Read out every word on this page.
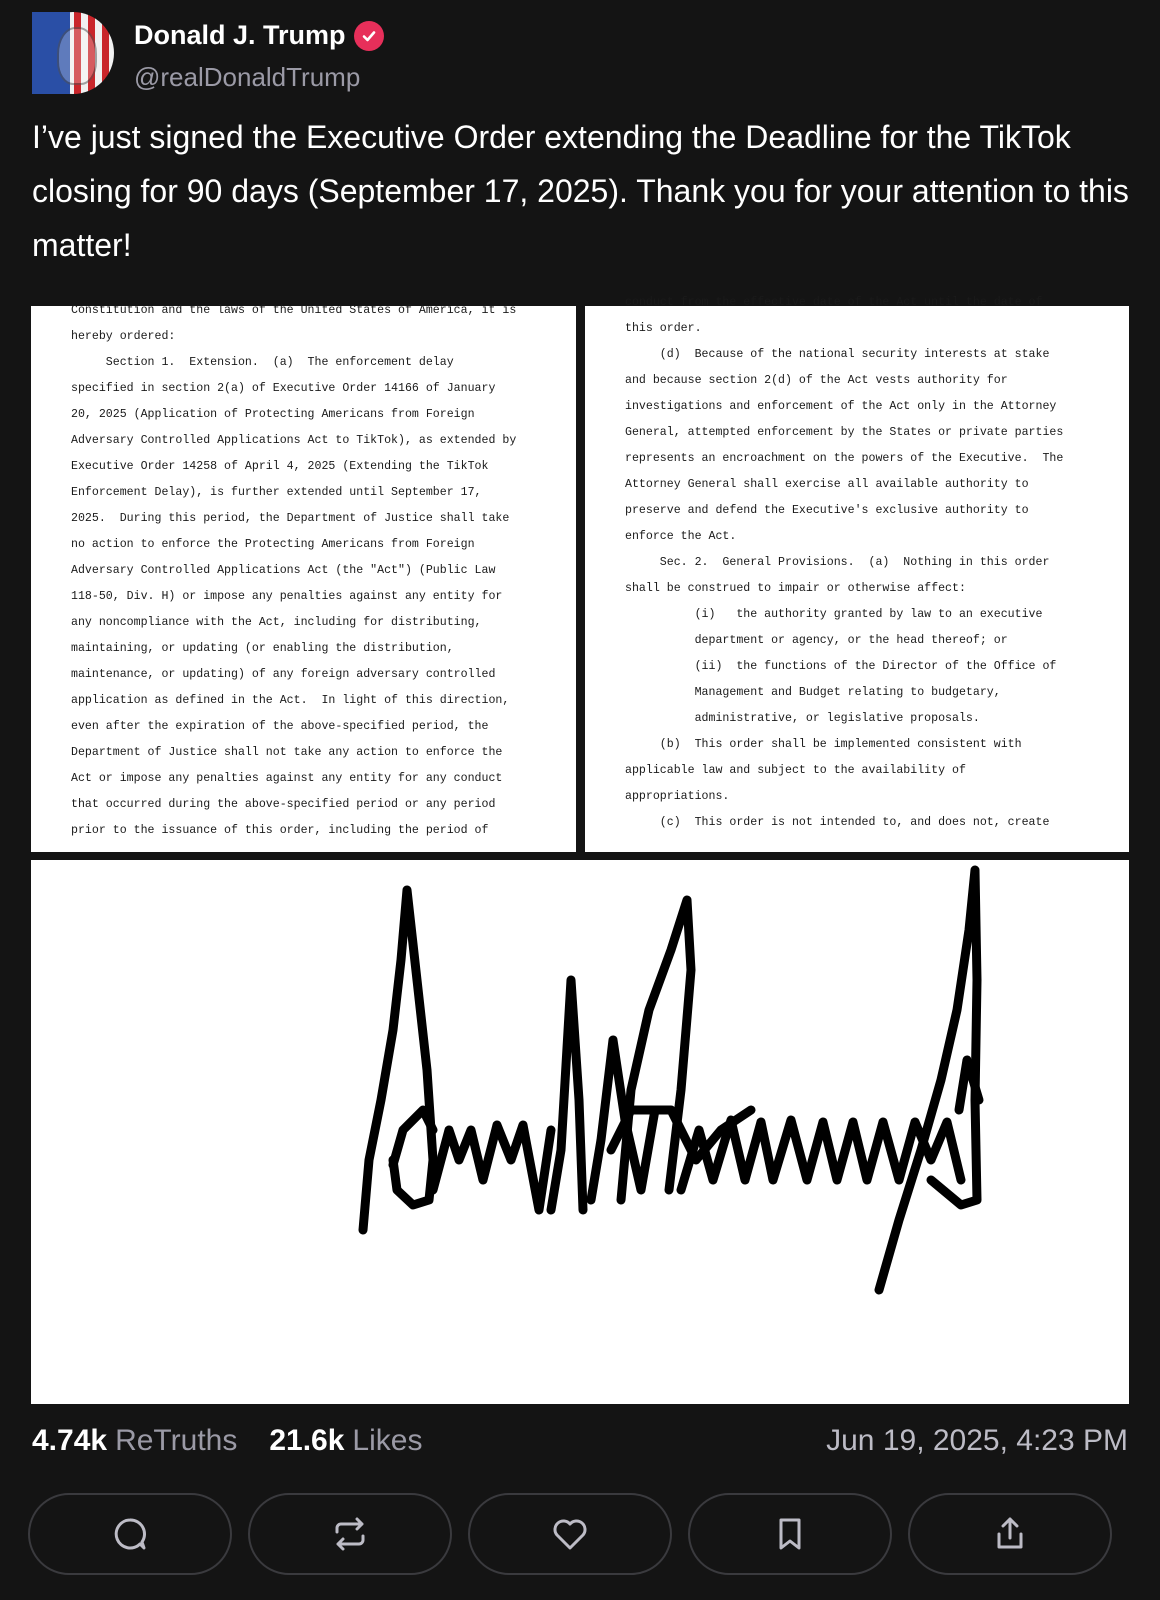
Donald J. Trump
@realDonaldTrump
I’ve just signed the Executive Order extending the Deadline for the TikTok closing for 90 days (September 17, 2025). Thank you for your attention to this matter!
Constitution and the laws of the United States of America, it is
hereby ordered:
Section 1.  Extension.  (a)  The enforcement delay
specified in section 2(a) of Executive Order 14166 of January
20, 2025 (Application of Protecting Americans from Foreign
Adversary Controlled Applications Act to TikTok), as extended by
Executive Order 14258 of April 4, 2025 (Extending the TikTok
Enforcement Delay), is further extended until September 17,
2025.  During this period, the Department of Justice shall take
no action to enforce the Protecting Americans from Foreign
Adversary Controlled Applications Act (the "Act") (Public Law
118-50, Div. H) or impose any penalties against any entity for
any noncompliance with the Act, including for distributing,
maintaining, or updating (or enabling the distribution,
maintenance, or updating) of any foreign adversary controlled
application as defined in the Act.  In light of this direction,
even after the expiration of the above-specified period, the
Department of Justice shall not take any action to enforce the
Act or impose any penalties against any entity for any conduct
that occurred during the above-specified period or any period
prior to the issuance of this order, including the period of
conduct from the effective date of the Act until the date of
this order.
(d)  Because of the national security interests at stake
and because section 2(d) of the Act vests authority for
investigations and enforcement of the Act only in the Attorney
General, attempted enforcement by the States or private parties
represents an encroachment on the powers of the Executive.  The
Attorney General shall exercise all available authority to
preserve and defend the Executive's exclusive authority to
enforce the Act.
Sec. 2.  General Provisions.  (a)  Nothing in this order
shall be construed to impair or otherwise affect:
(i)   the authority granted by law to an executive
department or agency, or the head thereof; or
(ii)  the functions of the Director of the Office of
Management and Budget relating to budgetary,
administrative, or legislative proposals.
(b)  This order shall be implemented consistent with
applicable law and subject to the availability of
appropriations.
(c)  This order is not intended to, and does not, create
4.74k ReTruths 21.6k Likes	Jun 19, 2025, 4:23 PM
